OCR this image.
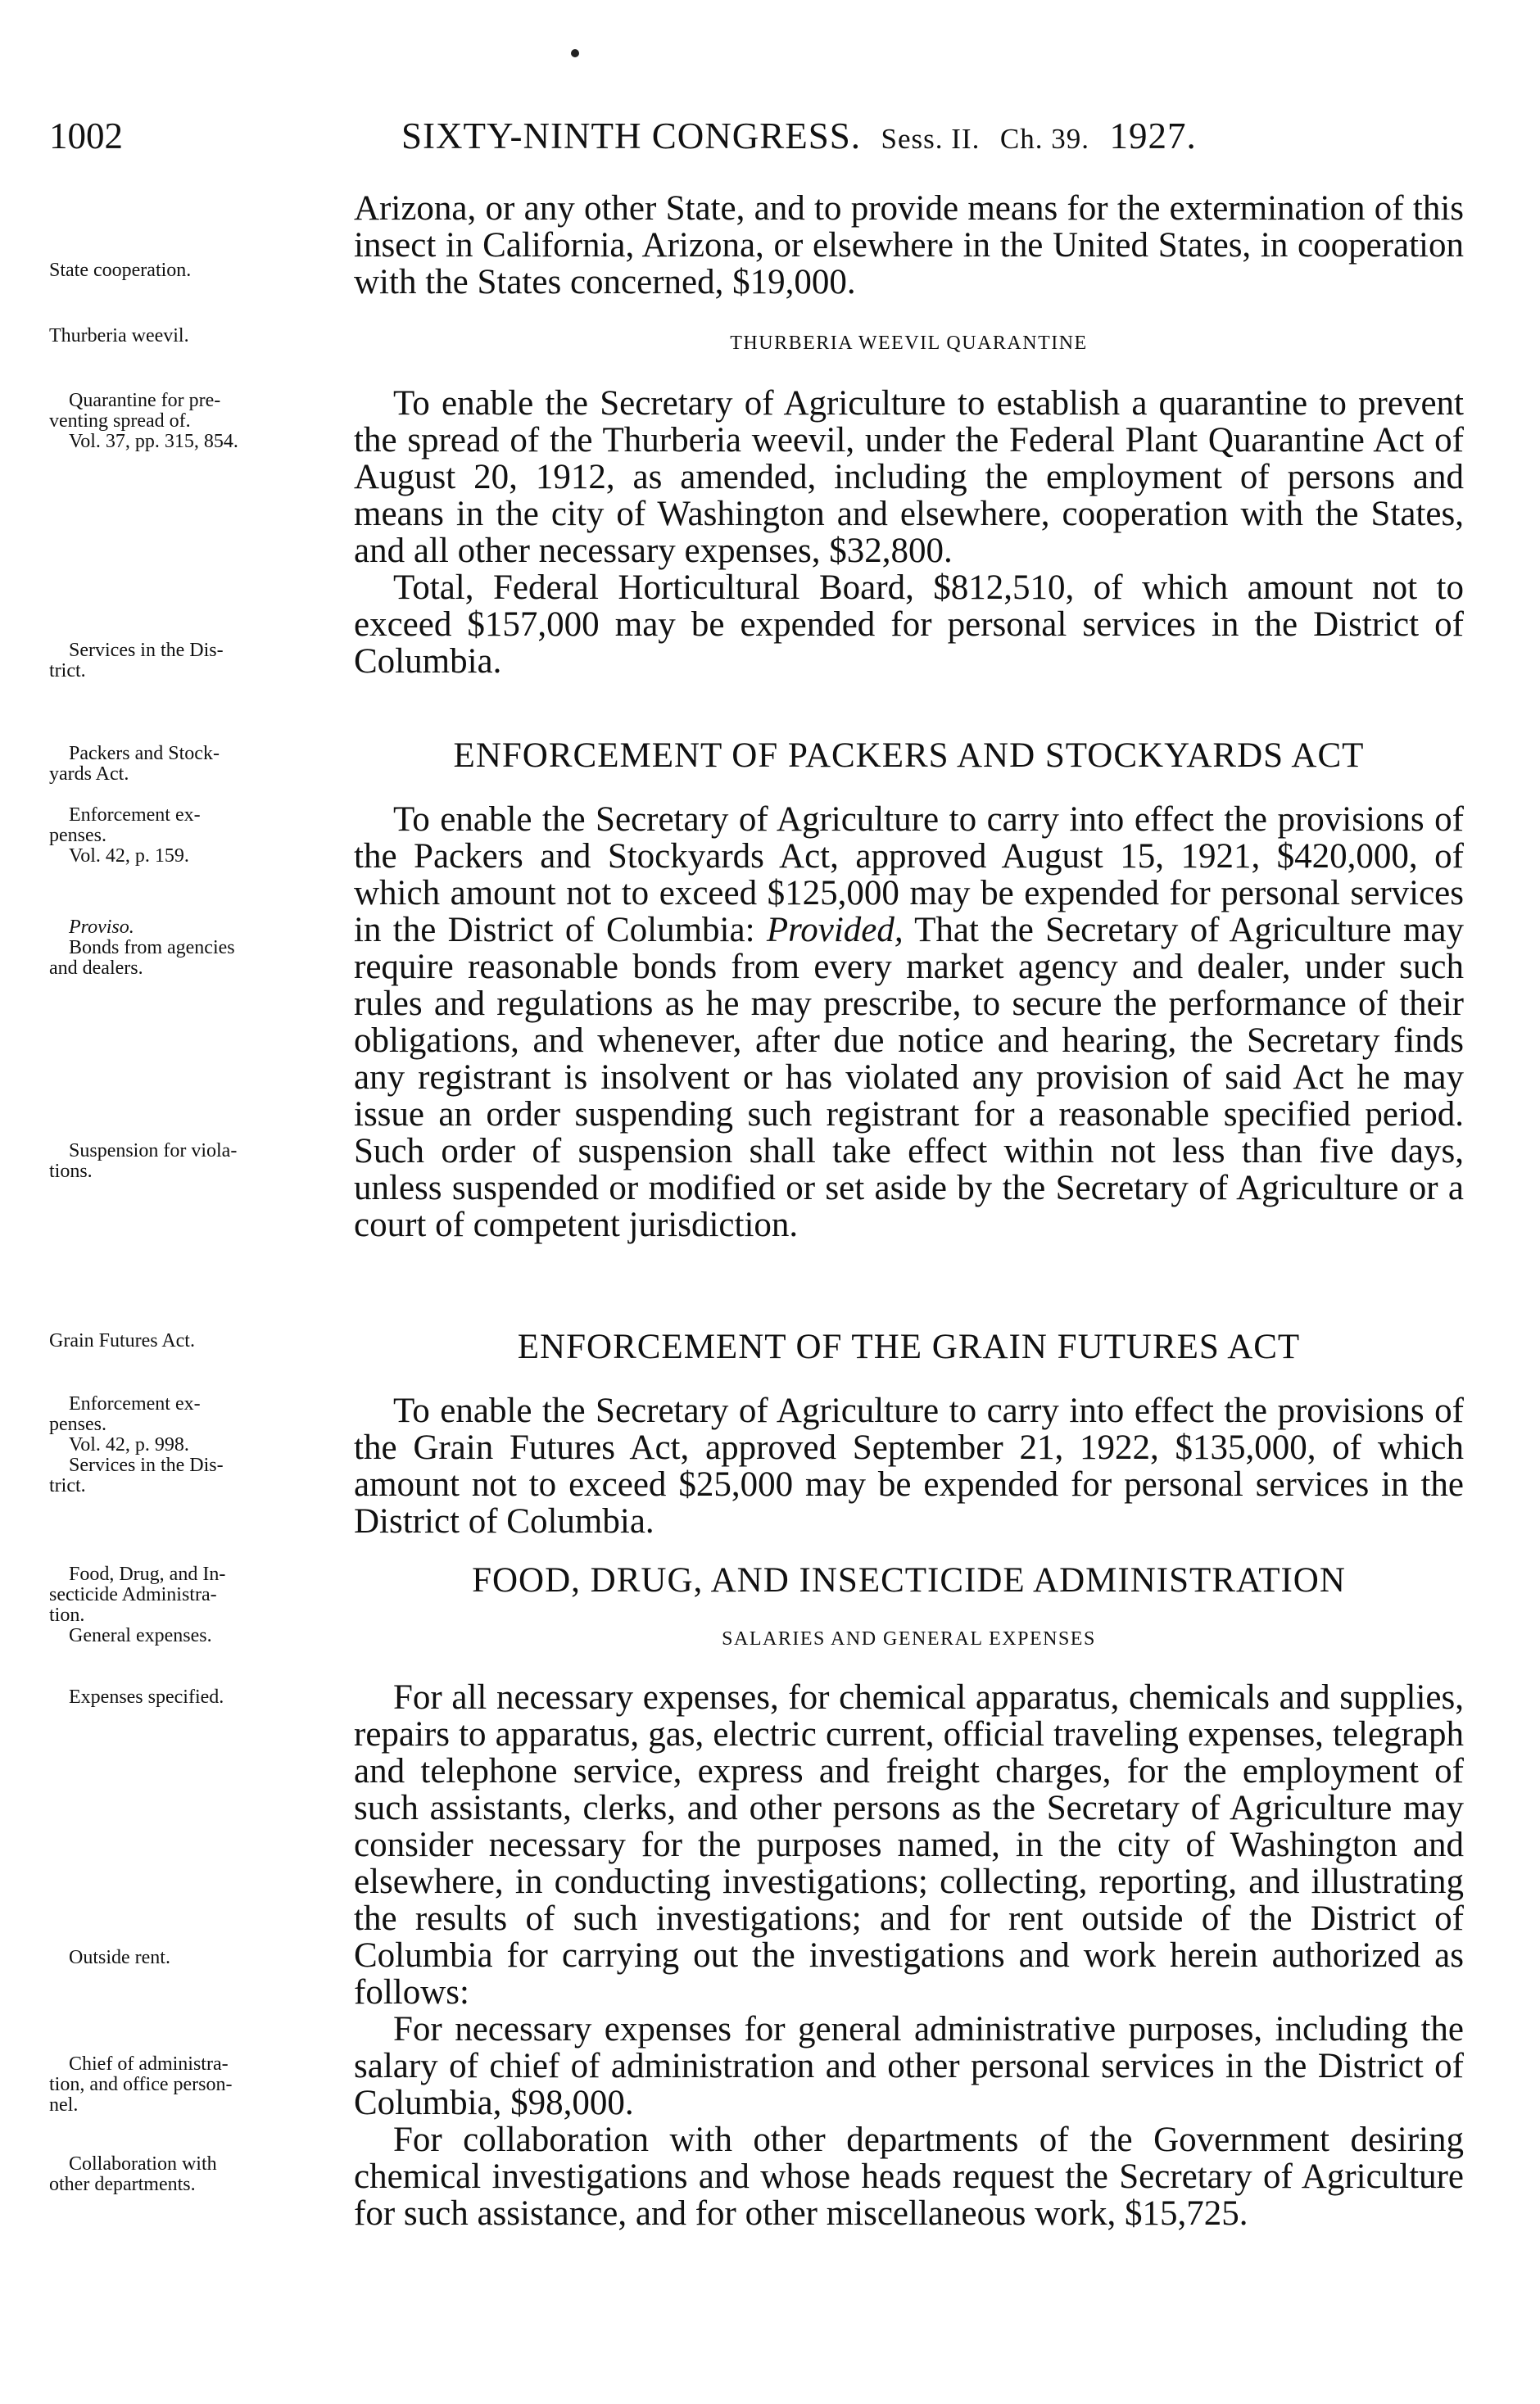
1002	SIXTY-NINTH CONGRESS. Sess. II. Ch. 39. 1927.

State cooperation.

Thurberia weevil.

Quarantine for pre-

venting spread of.

Vol. 37, pp. 315, 854.

Services in the Dis-

trict.

Packers and Stock-

yards Act.

Enforcement ex-

penses.

Vol. 42, p. 159.

Proviso.

Bonds from agencies

and dealers.

Suspension for viola-

tions.

Grain Futures Act.

Enforcement ex-

penses.

Vol. 42, p. 998.

Services in the Dis-

trict.

Food, Drug, and In-

secticide Administra-

tion.

General expenses.

Expenses specified.

Outside rent.

Chief of administra-

tion, and office person-

nel.

Collaboration with

other departments.

Arizona, or any other State, and to provide means for the extermination of this insect in California, Arizona, or elsewhere in the United States, in cooperation with the States concerned, $19,000.

THURBERIA WEEVIL QUARANTINE

To enable the Secretary of Agriculture to establish a quarantine to prevent the spread of the Thurberia weevil, under the Federal Plant Quarantine Act of August 20, 1912, as amended, including the employment of persons and means in the city of Washington and elsewhere, cooperation with the States, and all other necessary expenses, $32,800.

Total, Federal Horticultural Board, $812,510, of which amount not to exceed $157,000 may be expended for personal services in the District of Columbia.

ENFORCEMENT OF PACKERS AND STOCKYARDS ACT

To enable the Secretary of Agriculture to carry into effect the provisions of the Packers and Stockyards Act, approved August 15, 1921, $420,000, of which amount not to exceed $125,000 may be expended for personal services in the District of Columbia: Provided, That the Secretary of Agriculture may require reasonable bonds from every market agency and dealer, under such rules and regulations as he may prescribe, to secure the performance of their obligations, and whenever, after due notice and hearing, the Secretary finds any registrant is insolvent or has violated any provision of said Act he may issue an order suspending such registrant for a reasonable specified period. Such order of suspension shall take effect within not less than five days, unless suspended or modified or set aside by the Secretary of Agriculture or a court of competent jurisdiction.

ENFORCEMENT OF THE GRAIN FUTURES ACT

To enable the Secretary of Agriculture to carry into effect the provisions of the Grain Futures Act, approved September 21, 1922, $135,000, of which amount not to exceed $25,000 may be expended for personal services in the District of Columbia.

FOOD, DRUG, AND INSECTICIDE ADMINISTRATION
SALARIES AND GENERAL EXPENSES

For all necessary expenses, for chemical apparatus, chemicals and supplies, repairs to apparatus, gas, electric current, official traveling expenses, telegraph and telephone service, express and freight charges, for the employment of such assistants, clerks, and other persons as the Secretary of Agriculture may consider necessary for the purposes named, in the city of Washington and elsewhere, in conducting investigations; collecting, reporting, and illustrating the results of such investigations; and for rent outside of the District of Columbia for carrying out the investigations and work herein authorized as follows:

For necessary expenses for general administrative purposes, including the salary of chief of administration and other personal services in the District of Columbia, $98,000.

For collaboration with other departments of the Government desiring chemical investigations and whose heads request the Secretary of Agriculture for such assistance, and for other miscellaneous work, $15,725.
